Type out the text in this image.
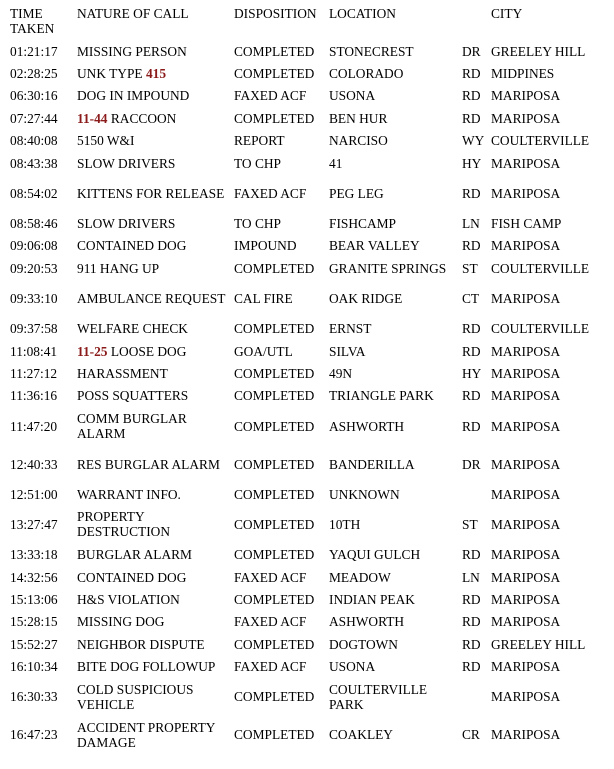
TIME TAKEN	NATURE OF CALL	DISPOSITION	LOCATION		CITY
01:21:17	MISSING PERSON	COMPLETED	STONECREST	DR	GREELEY HILL
02:28:25	UNK TYPE 415	COMPLETED	COLORADO	RD	MIDPINES
06:30:16	DOG IN IMPOUND	FAXED ACF	USONA	RD	MARIPOSA
07:27:44	11-44 RACCOON	COMPLETED	BEN HUR	RD	MARIPOSA
08:40:08	5150 W&I	REPORT	NARCISO	WY	COULTERVILLE
08:43:38	SLOW DRIVERS	TO CHP	41	HY	MARIPOSA
08:54:02	KITTENS FOR RELEASE	FAXED ACF	PEG LEG	RD	MARIPOSA
08:58:46	SLOW DRIVERS	TO CHP	FISHCAMP	LN	FISH CAMP
09:06:08	CONTAINED DOG	IMPOUND	BEAR VALLEY	RD	MARIPOSA
09:20:53	911 HANG UP	COMPLETED	GRANITE SPRINGS	ST	COULTERVILLE
09:33:10	AMBULANCE REQUEST	CAL FIRE	OAK RIDGE	CT	MARIPOSA
09:37:58	WELFARE CHECK	COMPLETED	ERNST	RD	COULTERVILLE
11:08:41	11-25 LOOSE DOG	GOA/UTL	SILVA	RD	MARIPOSA
11:27:12	HARASSMENT	COMPLETED	49N	HY	MARIPOSA
11:36:16	POSS SQUATTERS	COMPLETED	TRIANGLE PARK	RD	MARIPOSA
11:47:20	COMM BURGLAR ALARM	COMPLETED	ASHWORTH	RD	MARIPOSA
12:40:33	RES BURGLAR ALARM	COMPLETED	BANDERILLA	DR	MARIPOSA
12:51:00	WARRANT INFO.	COMPLETED	UNKNOWN		MARIPOSA
13:27:47	PROPERTY DESTRUCTION	COMPLETED	10TH	ST	MARIPOSA
13:33:18	BURGLAR ALARM	COMPLETED	YAQUI GULCH	RD	MARIPOSA
14:32:56	CONTAINED DOG	FAXED ACF	MEADOW	LN	MARIPOSA
15:13:06	H&S VIOLATION	COMPLETED	INDIAN PEAK	RD	MARIPOSA
15:28:15	MISSING DOG	FAXED ACF	ASHWORTH	RD	MARIPOSA
15:52:27	NEIGHBOR DISPUTE	COMPLETED	DOGTOWN	RD	GREELEY HILL
16:10:34	BITE DOG FOLLOWUP	FAXED ACF	USONA	RD	MARIPOSA
16:30:33	COLD SUSPICIOUS VEHICLE	COMPLETED	COULTERVILLE PARK		MARIPOSA
16:47:23	ACCIDENT PROPERTY DAMAGE	COMPLETED	COAKLEY	CR	MARIPOSA
